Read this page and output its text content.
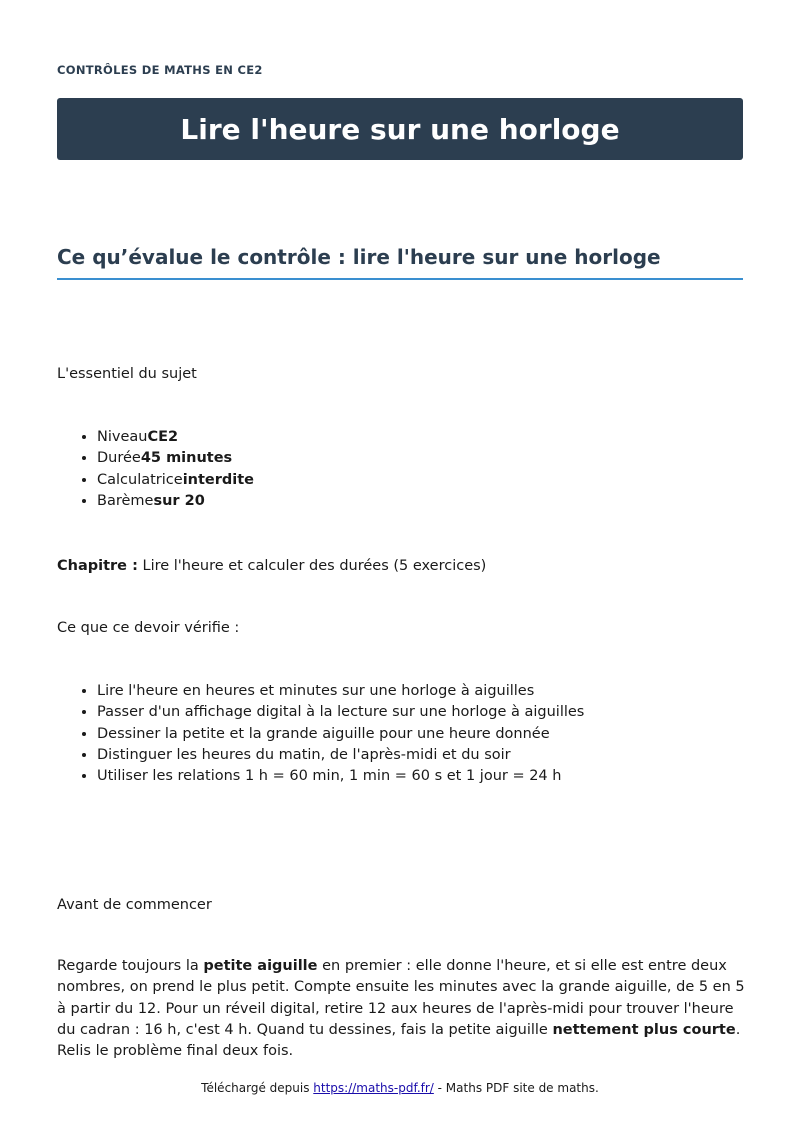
CONTRÔLES DE MATHS EN CE2
Lire l'heure sur une horloge
Ce qu’évalue le contrôle : lire l'heure sur une horloge

L'essentiel du sujet

• NiveauCE2
• Durée45 minutes
• Calculatriceinterdite
• Barèmesur 20

Chapitre : Lire l'heure et calculer des durées (5 exercices)

Ce que ce devoir vérifie :

• Lire l'heure en heures et minutes sur une horloge à aiguilles
• Passer d'un affichage digital à la lecture sur une horloge à aiguilles
• Dessiner la petite et la grande aiguille pour une heure donnée
• Distinguer les heures du matin, de l'après-midi et du soir
• Utiliser les relations 1 h = 60 min, 1 min = 60 s et 1 jour = 24 h

Avant de commencer

Regarde toujours la petite aiguille en premier : elle donne l'heure, et si elle est entre deux nombres, on prend le plus petit. Compte ensuite les minutes avec la grande aiguille, de 5 en 5 à partir du 12. Pour un réveil digital, retire 12 aux heures de l'après-midi pour trouver l'heure du cadran : 16 h, c'est 4 h. Quand tu dessines, fais la petite aiguille nettement plus courte. Relis le problème final deux fois.

Téléchargé depuis https://maths-pdf.fr/ - Maths PDF site de maths.
